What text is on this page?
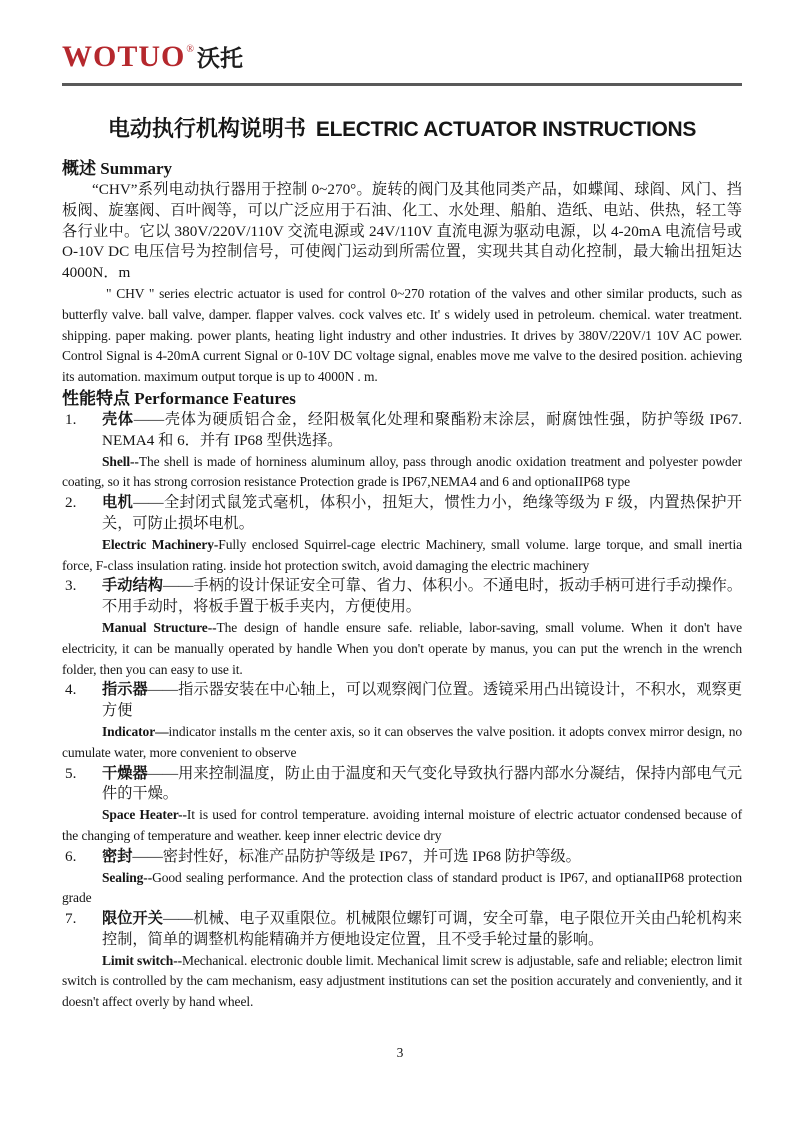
WOTUO® 沃托
电动执行机构说明书 ELECTRIC ACTUATOR INSTRUCTIONS
概述 Summary

“CHV”系列电动执行器用于控制 0~270°。旋转的阀门及其他同类产品，如蝶闻、球阎、风门、挡板阀、旋塞阀、百叶阀等，可以广泛应用于石油、化工、水处理、船舶、造纸、电站、供热，轻工等各行业中。它以 380V/220V/110V 交流电源或 24V/110V 直流电源为驱动电源，以 4-20mA 电流信号或 O-10V DC 电压信号为控制信号，可使阀门运动到所需位置，实现共其自动化控制，最大输出扭矩达 4000N．m

" CHV " series electric actuator is used for control 0~270 rotation of the valves and other similar products, such as butterfly valve. ball valve, damper. flapper valves. cock valves etc. It' s widely used in petroleum. chemical. water treatment. shipping. paper making. power plants, heating light industry and other industries. It drives by 380V/220V/1 10V AC power. Control Signal is 4-20mA current Signal or 0-10V DC voltage signal, enables move me valve to the desired position. achieving its automation. maximum output torque is up to 4000N . m.

性能特点 Performance Features
1. 壳体——壳体为硬质铝合金，经阳极氧化处理和聚酯粉末涂层，耐腐蚀性强，防护等级 IP67. NEMA4 和 6．并有 IP68 型供选择。

Shell--The shell is made of horniness aluminum alloy, pass through anodic oxidation treatment and polyester powder coating, so it has strong corrosion resistance Protection grade is IP67,NEMA4 and 6 and optionaIIP68 type

2. 电机——全封闭式鼠笼式毫机，体积小，扭矩大，惯性力小，绝缘等级为 F 级，内置热保护开关，可防止损坏电机。

Electric Machinery-Fully enclosed Squirrel-cage electric Machinery, small volume. large torque, and small inertia force, F-class insulation rating. inside hot protection switch, avoid damaging the electric machinery

3. 手动结构——手柄的设计保证安全可靠、省力、体积小。不通电时，扳动手柄可进行手动操作。不用手动时，将板手置于板手夹内，方便使用。

Manual Structure--The design of handle ensure safe. reliable, labor-saving, small volume. When it don't have electricity, it can be manually operated by handle When you don't operate by manus, you can put the wrench in the wrench folder, then you can easy to use it.

4. 指示器——指示器安装在中心轴上，可以观察阀门位置。透镜采用凸出镜设计，不积水，观察更方便

Indicator—indicator installs m the center axis, so it can observes the valve position. it adopts convex mirror design, no cumulate water, more convenient to observe

5. 干燥器——用来控制温度，防止由于温度和天气变化导致执行器内部水分凝结，保持内部电气元件的干燥。

Space Heater--It is used for control temperature. avoiding internal moisture of electric actuator condensed because of the changing of temperature and weather. keep inner electric device dry

6. 密封——密封性好，标准产品防护等级是 IP67，并可选 IP68 防护等级。

Sealing--Good sealing performance. And the protection class of standard product is IP67, and optianaIIP68 protection grade

7. 限位开关——机械、电子双重限位。机械限位螺钉可调，安全可靠，电子限位开关由凸轮机构来控制，简单的调整机构能精确并方便地设定位置，且不受手轮过量的影响。

Limit switch--Mechanical. electronic double limit. Mechanical limit screw is adjustable, safe and reliable; electron limit switch is controlled by the cam mechanism, easy adjustment institutions can set the position accurately and conveniently, and it doesn't affect overly by hand wheel.

3
